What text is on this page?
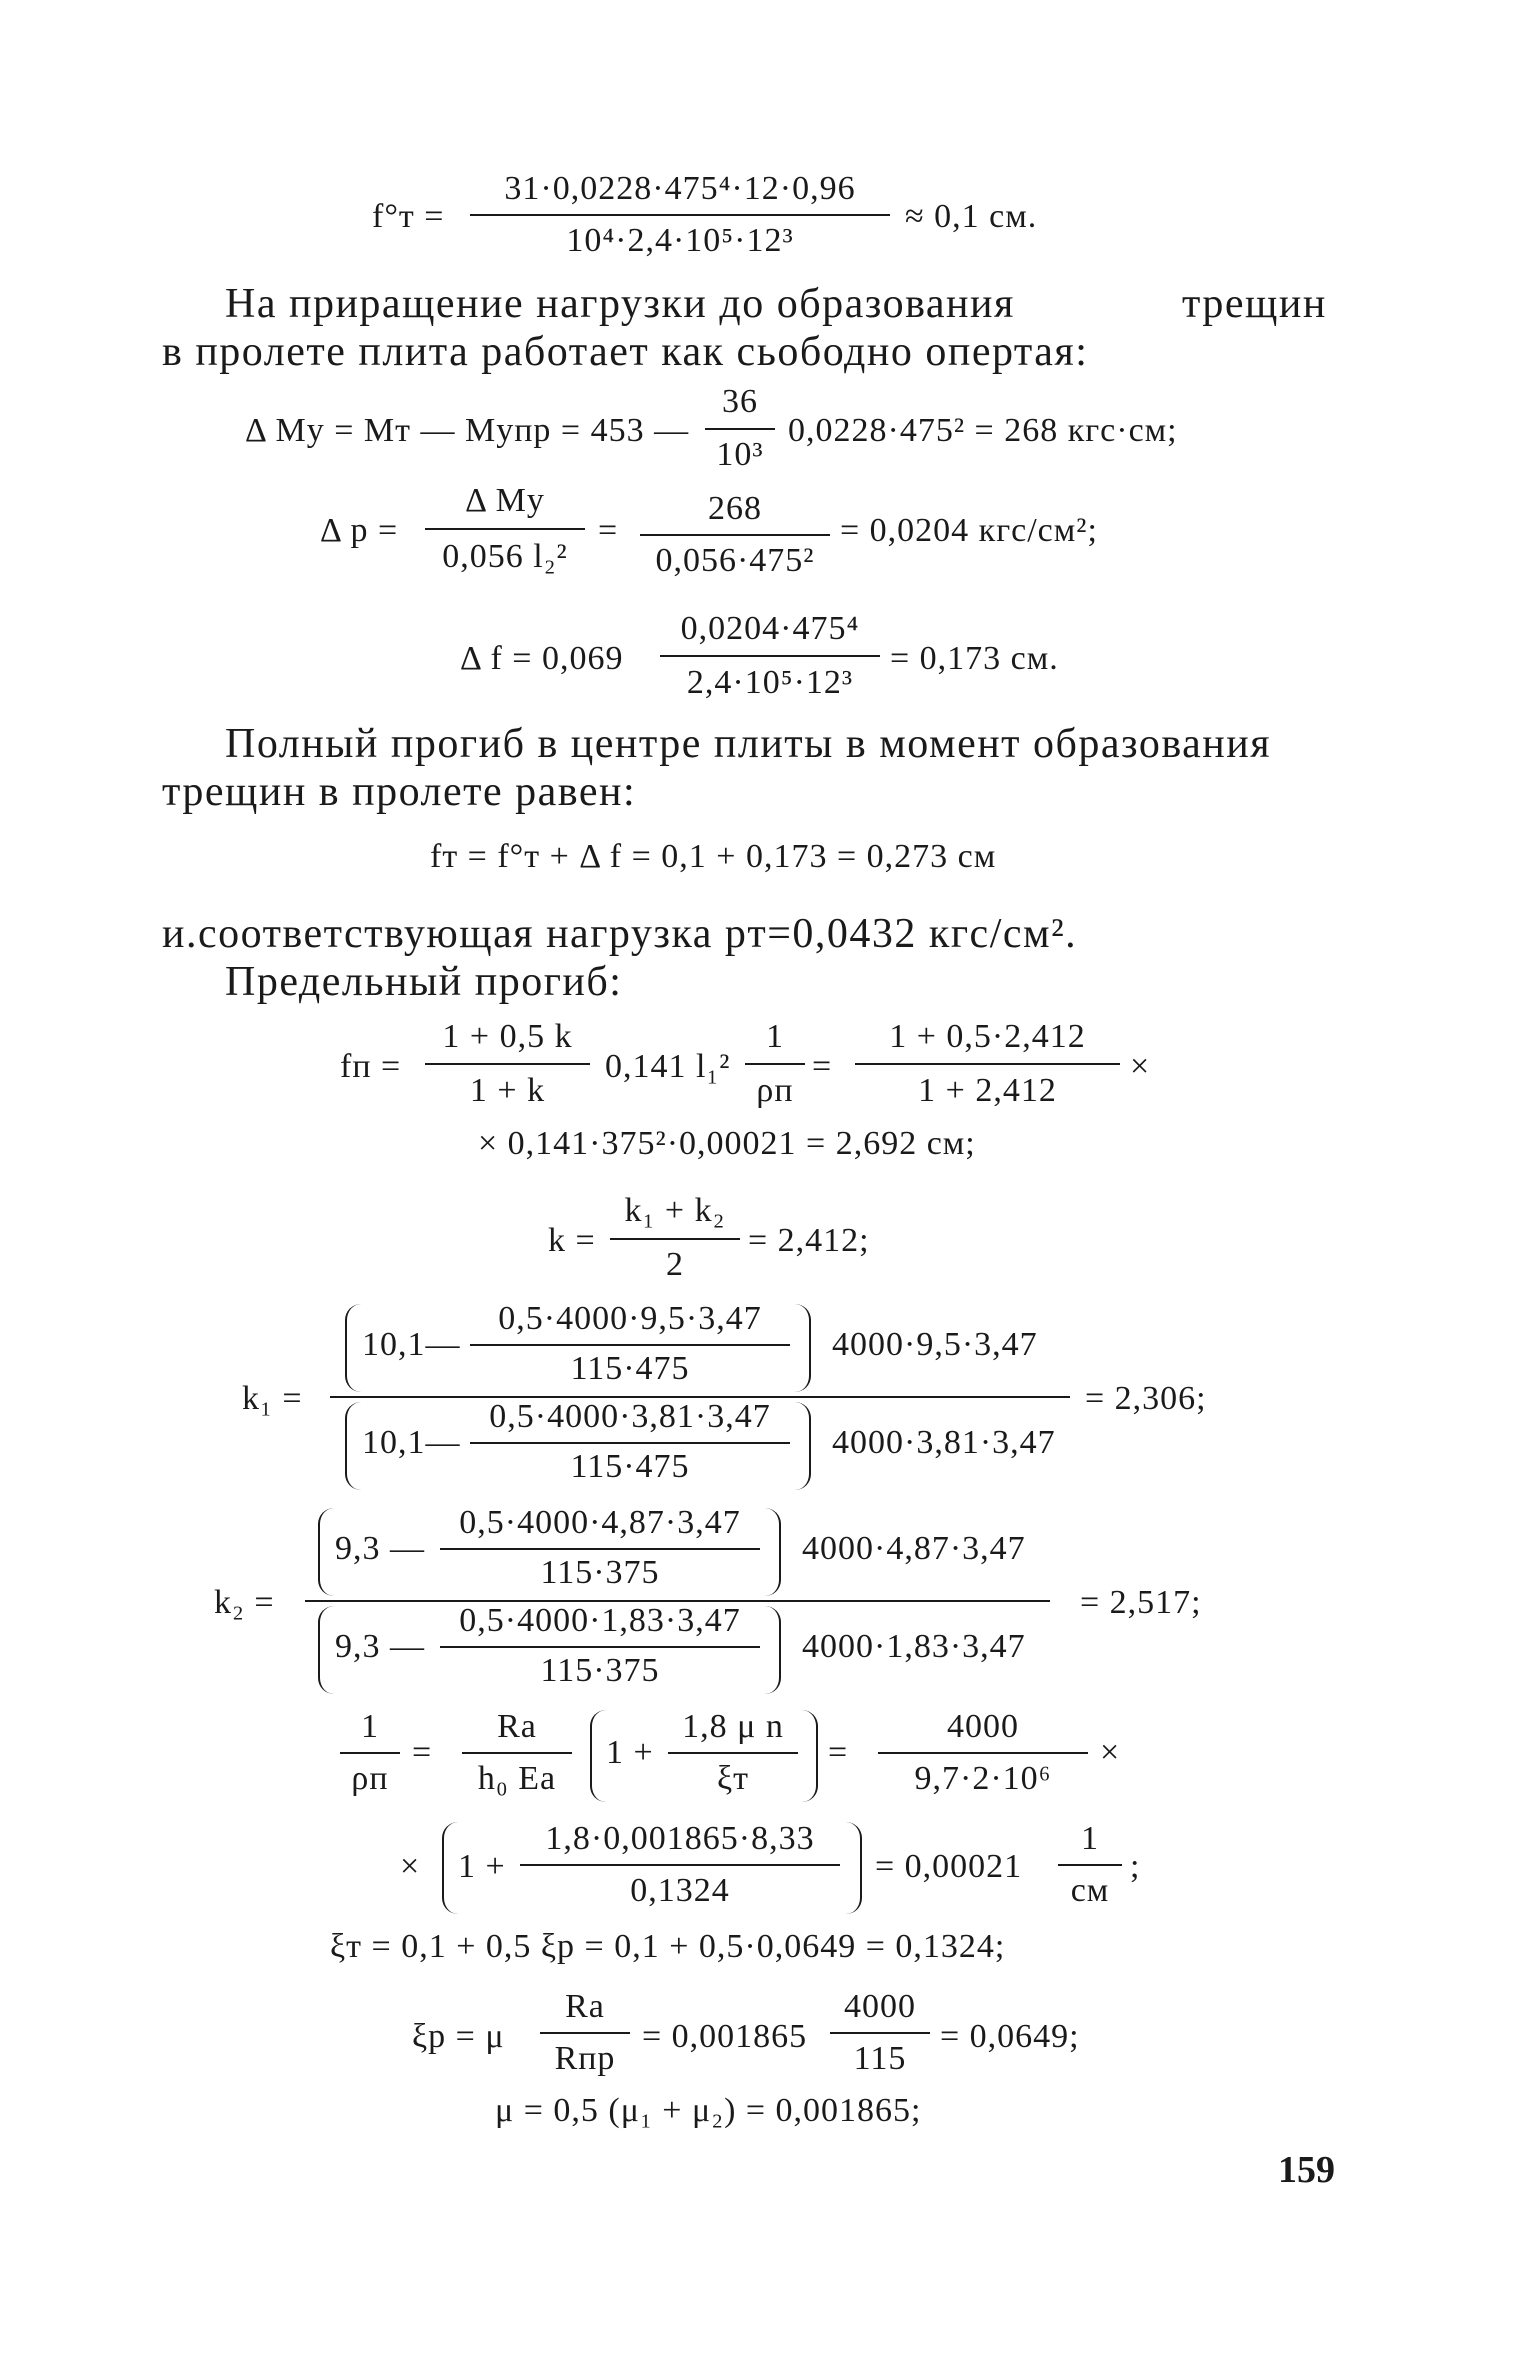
f°т =
31·0,0228·475⁴·12·0,96
10⁴·2,4·10⁵·12³
≈ 0,1 см.
На приращение нагрузки до образования	трещин
в пролете плита работает как сьободно опертая:
Δ Mу = Mт — Mупр = 453 —
36
10³
0,0228·475² = 268 кгс·см;
Δ p =
Δ Mу
0,056 l₂²
=
268
0,056·475²
= 0,0204 кгс/см²;
Δ f = 0,069
0,0204·475⁴
2,4·10⁵·12³
= 0,173 см.
Полный прогиб в центре плиты в момент образования
трещин в пролете равен:
fт = f°т + Δ f = 0,1 + 0,173 = 0,273 см
и.соответствующая нагрузка pт=0,0432 кгс/см².
Предельный прогиб:
fп =
1 + 0,5 k
1 + k
0,141 l₁²
1
ρп
=
1 + 0,5·2,412
1 + 2,412
×
× 0,141·375²·0,00021 = 2,692 см;
k =
k₁ + k₂
2
= 2,412;
k₁ =
10,1—
0,5·4000·9,5·3,47
115·475
4000·9,5·3,47
10,1—
0,5·4000·3,81·3,47
115·475
4000·3,81·3,47
= 2,306;
k₂ =
9,3 —
0,5·4000·4,87·3,47
115·375
4000·4,87·3,47
9,3 —
0,5·4000·1,83·3,47
115·375
4000·1,83·3,47
= 2,517;
1
ρп
=
Rа
h₀ Eа
1 +
1,8 μ n
ξт
=
4000
9,7·2·10⁶
×
× 1 +
1,8·0,001865·8,33
0,1324
= 0,00021
1
см
;
ξт = 0,1 + 0,5 ξр = 0,1 + 0,5·0,0649 = 0,1324;
ξр = μ
Rа
Rпр
= 0,001865
4000
115
= 0,0649;
μ = 0,5 (μ₁ + μ₂) = 0,001865;
159
